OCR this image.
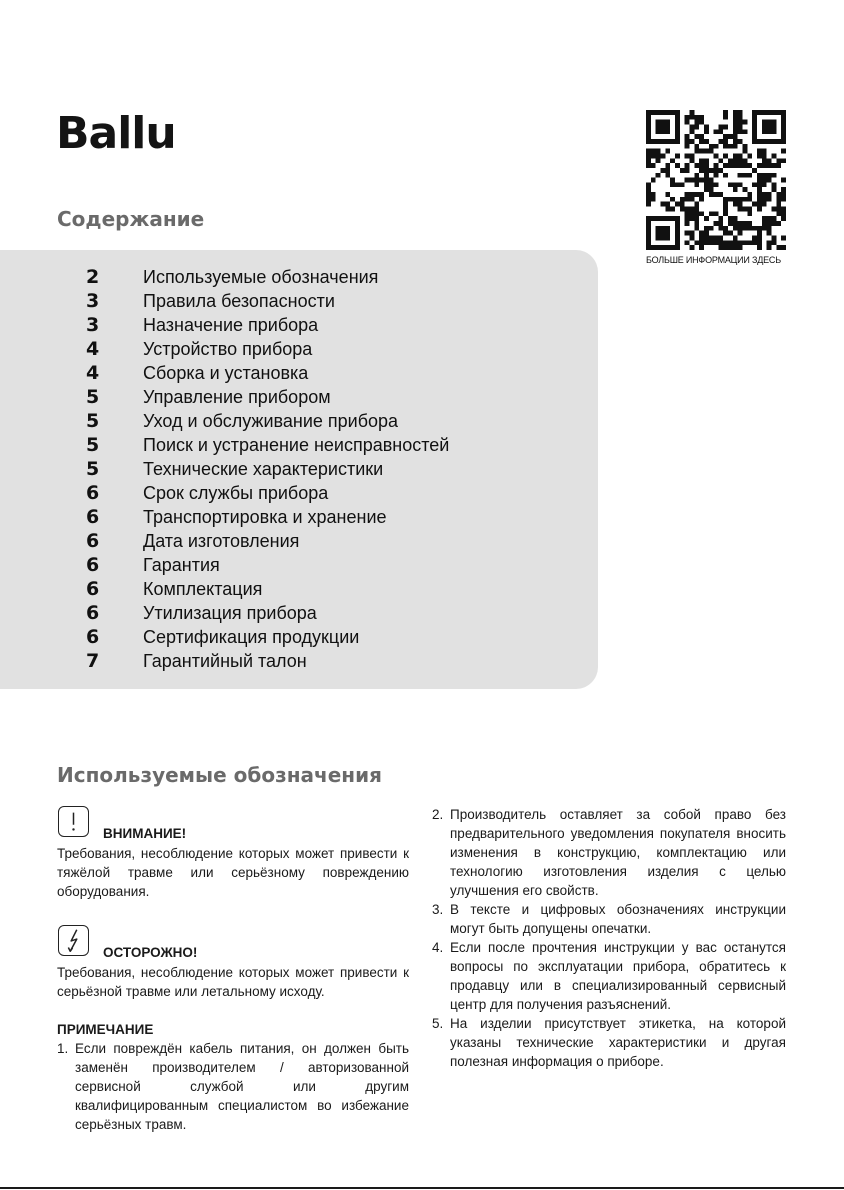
Ballu
БОЛЬШЕ ИНФОРМАЦИИ ЗДЕСЬ
Содержание
2	Используемые обозначения
3	Правила безопасности
3	Назначение прибора
4	Устройство прибора
4	Сборка и установка
5	Управление прибором
5	Уход и обслуживание прибора
5	Поиск и устранение неисправностей
5	Технические характеристики
6	Срок службы прибора
6	Транспортировка и хранение
6	Дата изготовления
6	Гарантия
6	Комплектация
6	Утилизация прибора
6	Сертификация продукции
7	Гарантийный талон
Используемые обозначения
ВНИМАНИЕ!

Требования, несоблюдение которых может привести к тяжёлой травме или серьёзному повреждению оборудования.

ОСТОРОЖНО!

Требования, несоблюдение которых может привести к серьёзной травме или летальному исходу.

ПРИМЕЧАНИЕ

1. Если повреждён кабель питания, он должен быть заменён производителем / авторизованной сервисной службой или другим квалифицированным специалистом во избежание серьёзных травм.
2. Производитель оставляет за собой право без предварительного уведомления покупателя вносить изменения в конструкцию, комплектацию или технологию изготовления изделия с целью улучшения его свойств.
3. В тексте и цифровых обозначениях инструкции могут быть допущены опечатки.
4. Если после прочтения инструкции у вас останутся вопросы по эксплуатации прибора, обратитесь к продавцу или в специализированный сервисный центр для получения разъяснений.
5. На изделии присутствует этикетка, на которой указаны технические характеристики и другая полезная информация о приборе.
